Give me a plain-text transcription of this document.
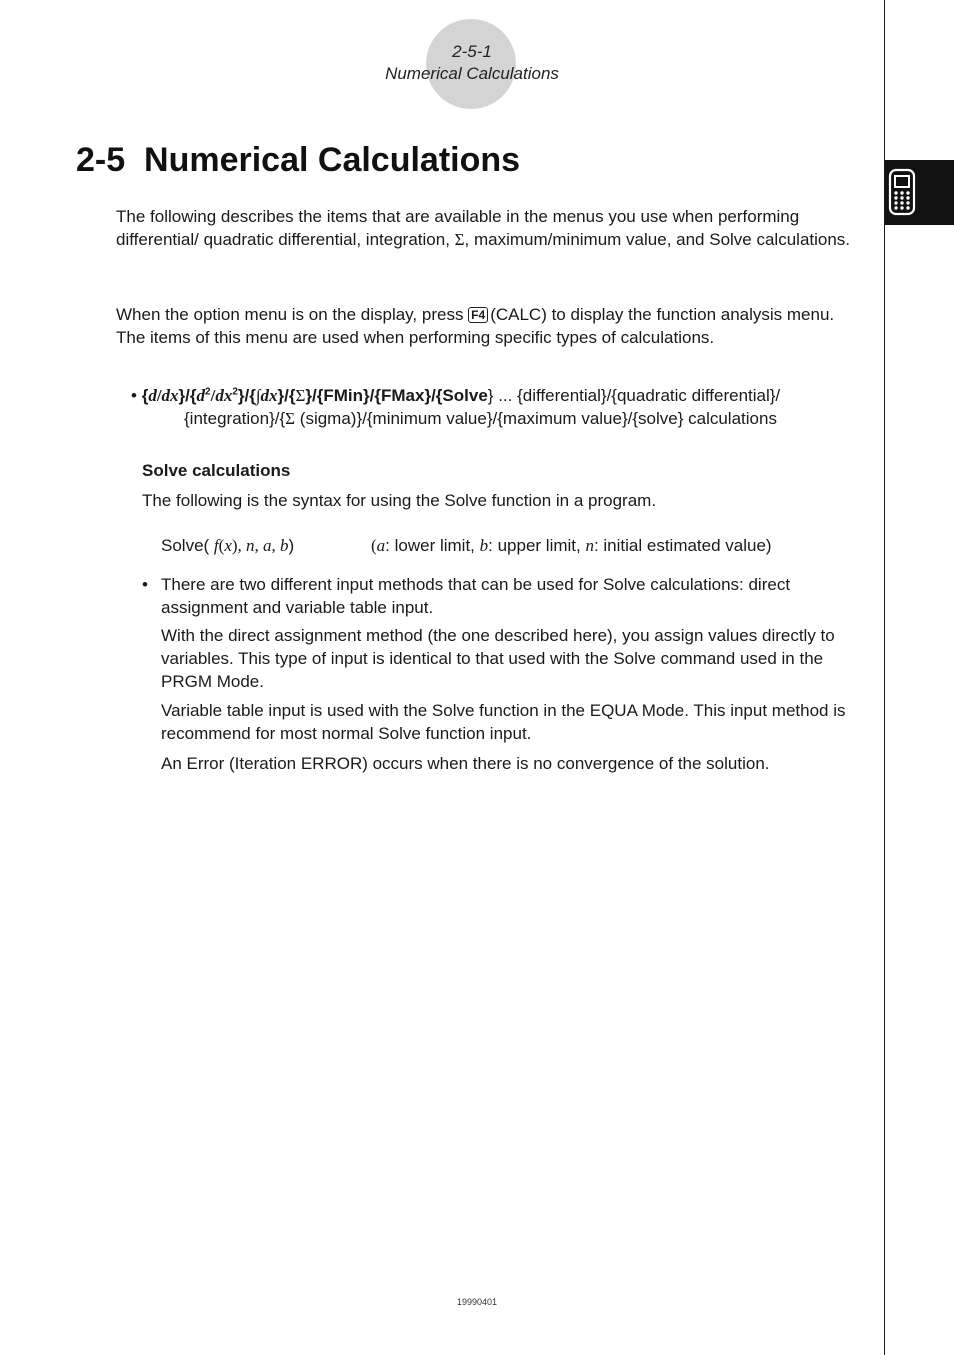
2-5-1
Numerical Calculations
2-5  Numerical Calculations
The following describes the items that are available in the menus you use when performing differential/ quadratic differential, integration, Σ, maximum/minimum value, and Solve calculations.
When the option menu is on the display, press F4 (CALC) to display the function analysis menu. The items of this menu are used when performing specific types of calculations.
• $\{d/dx\}/\{d^2/dx^2\}/\{\int dx\}/\{\Sigma\}/\{FMin\}/\{FMax\}/\{Solve\}$ ... {differential}/{quadratic differential}/
{integration}/{Σ (sigma)}/{minimum value}/{maximum value}/{solve} calculations
Solve calculations
The following is the syntax for using the Solve function in a program.
Solve( f(x), n, a, b)	(a: lower limit, b: upper limit, n: initial estimated value)
• There are two different input methods that can be used for Solve calculations: direct assignment and variable table input.
With the direct assignment method (the one described here), you assign values directly to variables. This type of input is identical to that used with the Solve command used in the PRGM Mode.
Variable table input is used with the Solve function in the EQUA Mode. This input method is recommend for most normal Solve function input.
An Error (Iteration ERROR) occurs when there is no convergence of the solution.
19990401
